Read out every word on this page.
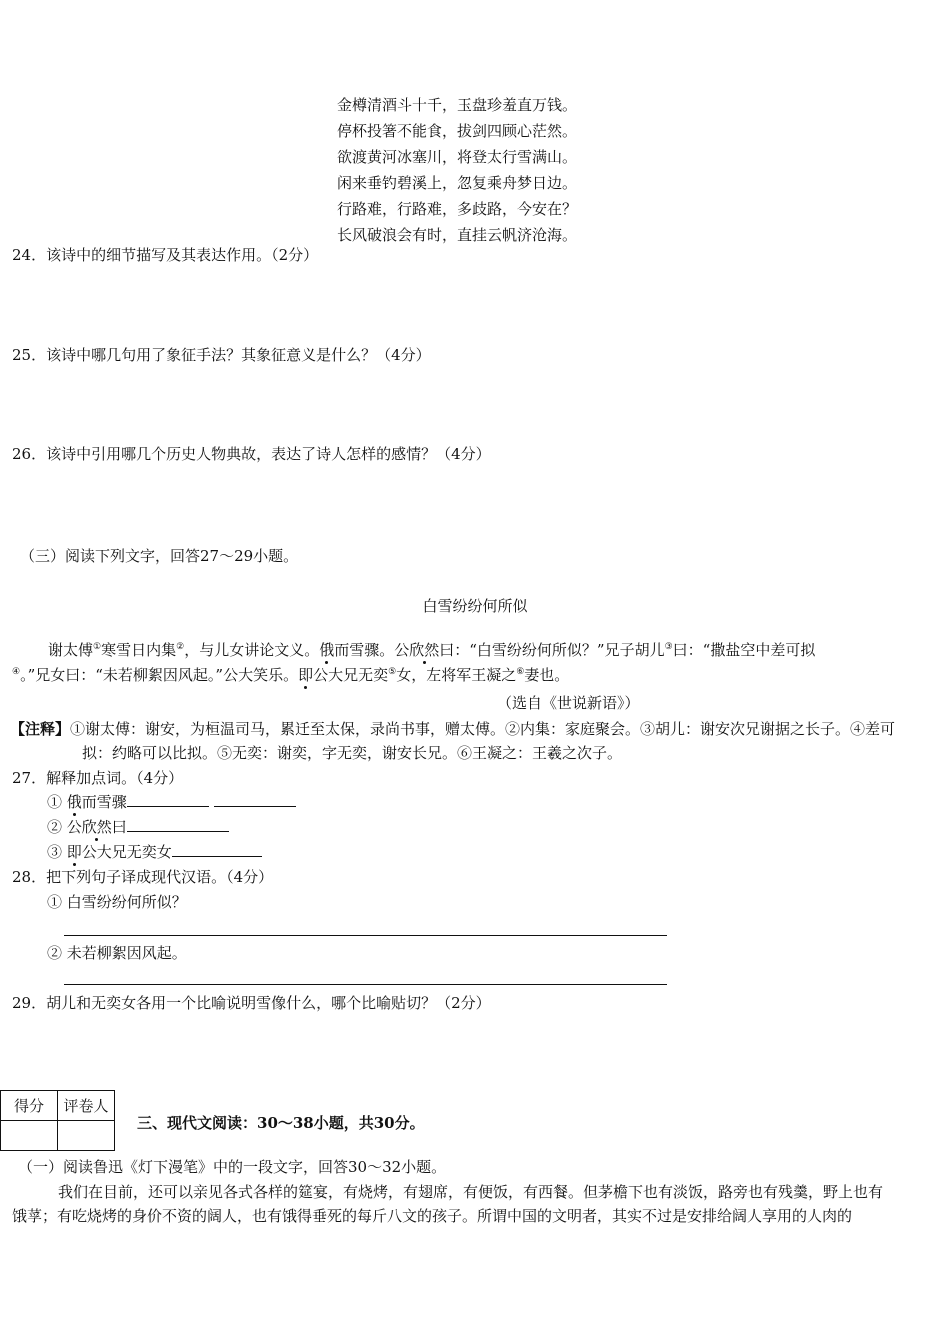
金樽清酒斗十千，玉盘珍羞直万钱。
停杯投箸不能食，拔剑四顾心茫然。
欲渡黄河冰塞川，将登太行雪满山。
闲来垂钓碧溪上，忽复乘舟梦日边。
行路难，行路难，多歧路，今安在？
长风破浪会有时，直挂云帆济沧海。
24．该诗中的细节描写及其表达作用。（2分）
25．该诗中哪几句用了象征手法？其象征意义是什么？（4分）
26．该诗中引用哪几个历史人物典故，表达了诗人怎样的感情？（4分）
（三）阅读下列文字，回答27～29小题。
白雪纷纷何所似
谢太傅①寒雪日内集②，与儿女讲论文义。俄而雪骤。公欣然曰：“白雪纷纷何所似？”兄子胡儿③曰：“撒盐空中差可拟
④。”兄女曰：“未若柳絮因风起。”公大笑乐。即公大兄无奕⑤女，左将军王凝之⑥妻也。
（选自《世说新语》）
【注释】①谢太傅：谢安，为桓温司马，累迁至太保，录尚书事，赠太傅。②内集：家庭聚会。③胡儿：谢安次兄谢据之长子。④差可
拟：约略可以比拟。⑤无奕：谢奕，字无奕，谢安长兄。⑥王凝之：王羲之次子。
27．解释加点词。（4分）
① 俄而雪骤
② 公欣然曰
③ 即公大兄无奕女
28．把下列句子译成现代汉语。（4分）
① 白雪纷纷何所似？
② 未若柳絮因风起。
29．胡儿和无奕女各用一个比喻说明雪像什么，哪个比喻贴切？（2分）
得分	评卷人

三、现代文阅读：30～38小题，共30分。
（一）阅读鲁迅《灯下漫笔》中的一段文字，回答30～32小题。
我们在目前，还可以亲见各式各样的筵宴，有烧烤，有翅席，有便饭，有西餐。但茅檐下也有淡饭，路旁也有残羹，野上也有
饿莩；有吃烧烤的身价不资的阔人，也有饿得垂死的每斤八文的孩子。所谓中国的文明者，其实不过是安排给阔人享用的人肉的
